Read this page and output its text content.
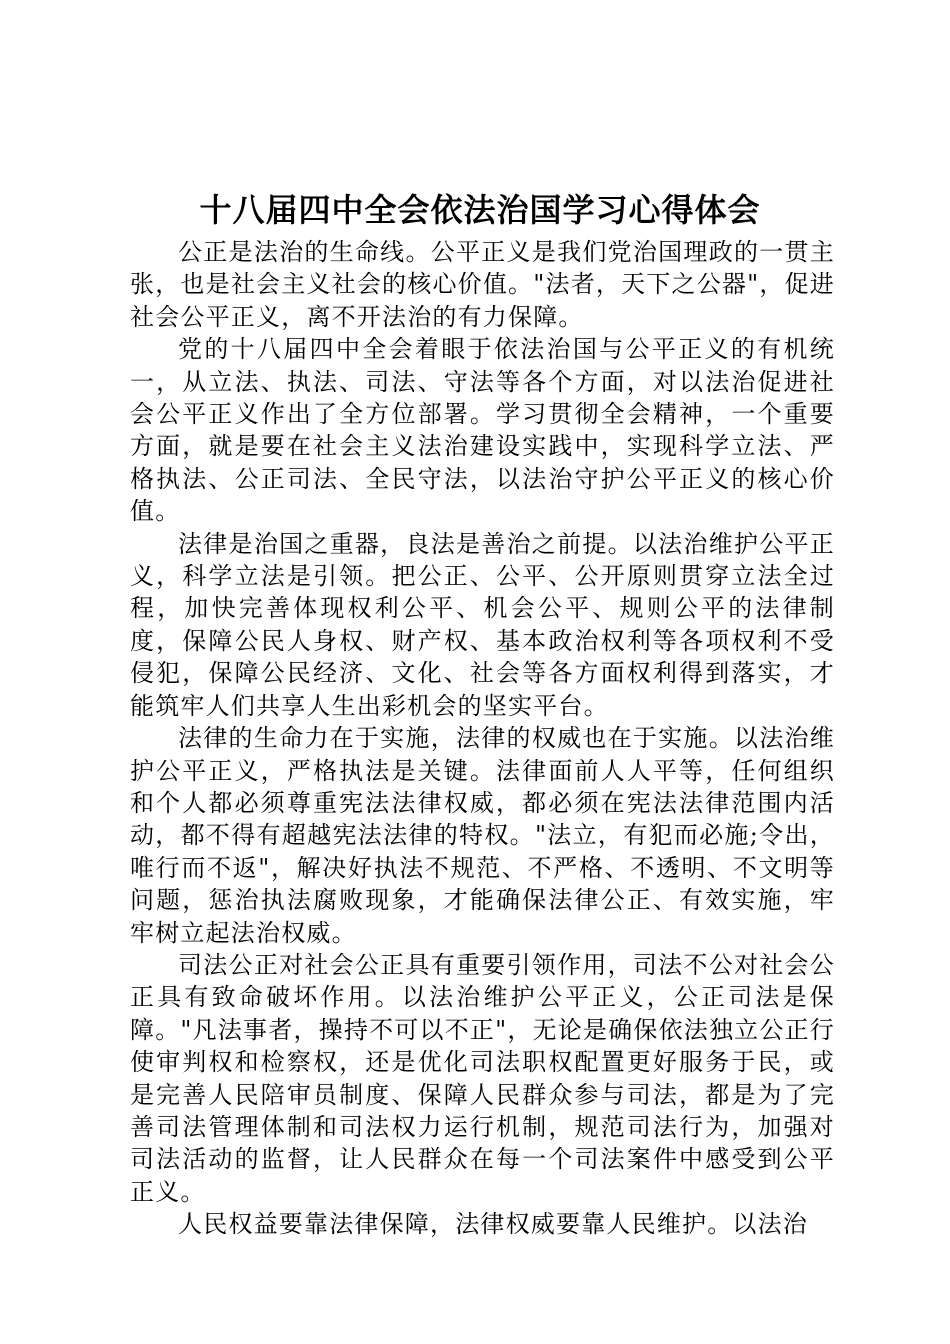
十八届四中全会依法治国学习心得体会

公正是法治的生命线。公平正义是我们党治国理政的一贯主张，也是社会主义社会的核心价值。"法者，天下之公器"，促进社会公平正义，离不开法治的有力保障。

党的十八届四中全会着眼于依法治国与公平正义的有机统一，从立法、执法、司法、守法等各个方面，对以法治促进社会公平正义作出了全方位部署。学习贯彻全会精神，一个重要方面，就是要在社会主义法治建设实践中，实现科学立法、严格执法、公正司法、全民守法，以法治守护公平正义的核心价值。

法律是治国之重器，良法是善治之前提。以法治维护公平正义，科学立法是引领。把公正、公平、公开原则贯穿立法全过程，加快完善体现权利公平、机会公平、规则公平的法律制度，保障公民人身权、财产权、基本政治权利等各项权利不受侵犯，保障公民经济、文化、社会等各方面权利得到落实，才能筑牢人们共享人生出彩机会的坚实平台。

法律的生命力在于实施，法律的权威也在于实施。以法治维护公平正义，严格执法是关键。法律面前人人平等，任何组织和个人都必须尊重宪法法律权威，都必须在宪法法律范围内活动，都不得有超越宪法法律的特权。"法立，有犯而必施;令出，唯行而不返"，解决好执法不规范、不严格、不透明、不文明等问题，惩治执法腐败现象，才能确保法律公正、有效实施，牢牢树立起法治权威。

司法公正对社会公正具有重要引领作用，司法不公对社会公正具有致命破坏作用。以法治维护公平正义，公正司法是保障。"凡法事者，操持不可以不正"，无论是确保依法独立公正行使审判权和检察权，还是优化司法职权配置更好服务于民，或是完善人民陪审员制度、保障人民群众参与司法，都是为了完善司法管理体制和司法权力运行机制，规范司法行为，加强对司法活动的监督，让人民群众在每一个司法案件中感受到公平正义。

人民权益要靠法律保障，法律权威要靠人民维护。以法治
